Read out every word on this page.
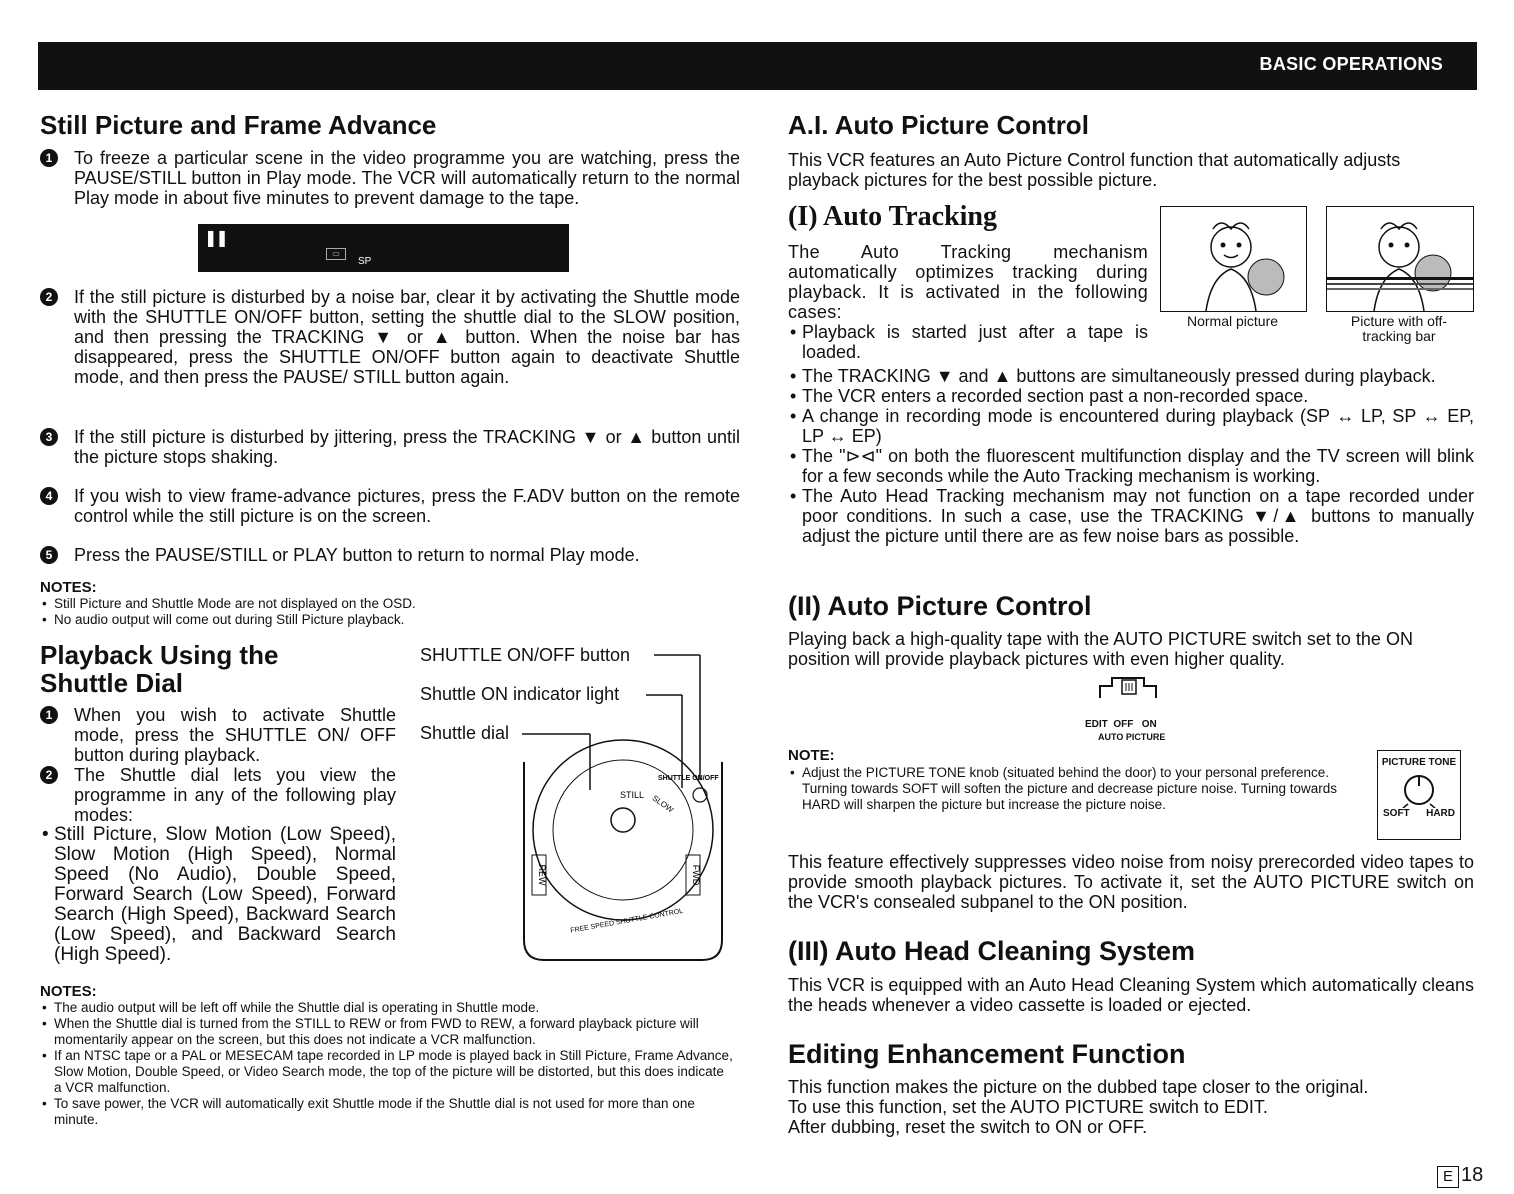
BASIC OPERATIONS
Still Picture and Frame Advance
1	To freeze a particular scene in the video programme you are watching, press the PAUSE/STILL button in Play mode. The VCR will automatically return to the normal Play mode in about five minutes to prevent damage to the tape.
❚❚
▭
SP
2	If the still picture is disturbed by a noise bar, clear it by activating the Shuttle mode with the SHUTTLE ON/OFF button, setting the shuttle dial to the SLOW position, and then pressing the TRACKING ▼ or ▲ button. When the noise bar has disappeared, press the SHUTTLE ON/OFF button again to deactivate Shuttle mode, and then press the PAUSE/ STILL button again.
3	If the still picture is disturbed by jittering, press the TRACKING ▼ or ▲ button until the picture stops shaking.
4	If you wish to view frame-advance pictures, press the F.ADV button on the remote control while the still picture is on the screen.
5	Press the PAUSE/STILL or PLAY button to return to normal Play mode.
NOTES:
• Still Picture and Shuttle Mode are not displayed on the OSD.
• No audio output will come out during Still Picture playback.
Playback Using the
Shuttle Dial
1	When you wish to activate Shuttle mode, press the SHUTTLE ON/ OFF button during playback.
2	The Shuttle dial lets you view the programme in any of the following play modes:
• Still Picture, Slow Motion (Low Speed), Slow Motion (High Speed), Normal Speed (No Audio), Double Speed, Forward Search (Low Speed), Forward Search (High Speed), Backward Search (Low Speed), and Backward Search (High Speed).
SHUTTLE ON/OFF button
Shuttle ON indicator light
Shuttle dial
REW	FWD
STILL
SHUTTLE ON/OFF
SLOW
FREE SPEED SHUTTLE CONTROL
NOTES:
• The audio output will be left off while the Shuttle dial is operating in Shuttle mode.
• When the Shuttle dial is turned from the STILL to REW or from FWD to REW, a forward playback picture will momentarily appear on the screen, but this does not indicate a VCR malfunction.
• If an NTSC tape or a PAL or MESECAM tape recorded in LP mode is played back in Still Picture, Frame Advance, Slow Motion, Double Speed, or Video Search mode, the top of the picture will be distorted, but this does indicate a VCR malfunction.
• To save power, the VCR will automatically exit Shuttle mode if the Shuttle dial is not used for more than one minute.
A.I. Auto Picture Control
This VCR features an Auto Picture Control function that automatically adjusts playback pictures for the best possible picture.
(I) Auto Tracking
The Auto Tracking mechanism automatically optimizes tracking during playback. It is activated in the following cases:
• Playback is started just after a tape is loaded.
Normal picture	Picture with off-
tracking bar
• The TRACKING ▼ and ▲ buttons are simultaneously pressed during playback.
• The VCR enters a recorded section past a non-recorded space.
• A change in recording mode is encountered during playback (SP ↔ LP, SP ↔ EP, LP ↔ EP)
• The "⊳⊲" on both the fluorescent multifunction display and the TV screen will blink for a few seconds while the Auto Tracking mechanism is working.
• The Auto Head Tracking mechanism may not function on a tape recorded under poor conditions. In such a case, use the TRACKING ▼/▲ buttons to manually adjust the picture until there are as few noise bars as possible.
(II) Auto Picture Control
Playing back a high-quality tape with the AUTO PICTURE switch set to the ON position will provide playback pictures with even higher quality.
EDIT OFF ON
AUTO PICTURE
NOTE:
• Adjust the PICTURE TONE knob (situated behind the door) to your personal preference. Turning towards SOFT will soften the picture and decrease picture noise. Turning towards HARD will sharpen the picture but increase the picture noise.
PICTURE TONE
SOFT HARD
This feature effectively suppresses video noise from noisy prerecorded video tapes to provide smooth playback pictures. To activate it, set the AUTO PICTURE switch on the VCR's consealed subpanel to the ON position.
(III) Auto Head Cleaning System
This VCR is equipped with an Auto Head Cleaning System which automatically cleans the heads whenever a video cassette is loaded or ejected.
Editing Enhancement Function
This function makes the picture on the dubbed tape closer to the original.
To use this function, set the AUTO PICTURE switch to EDIT.
After dubbing, reset the switch to ON or OFF.
E 18
